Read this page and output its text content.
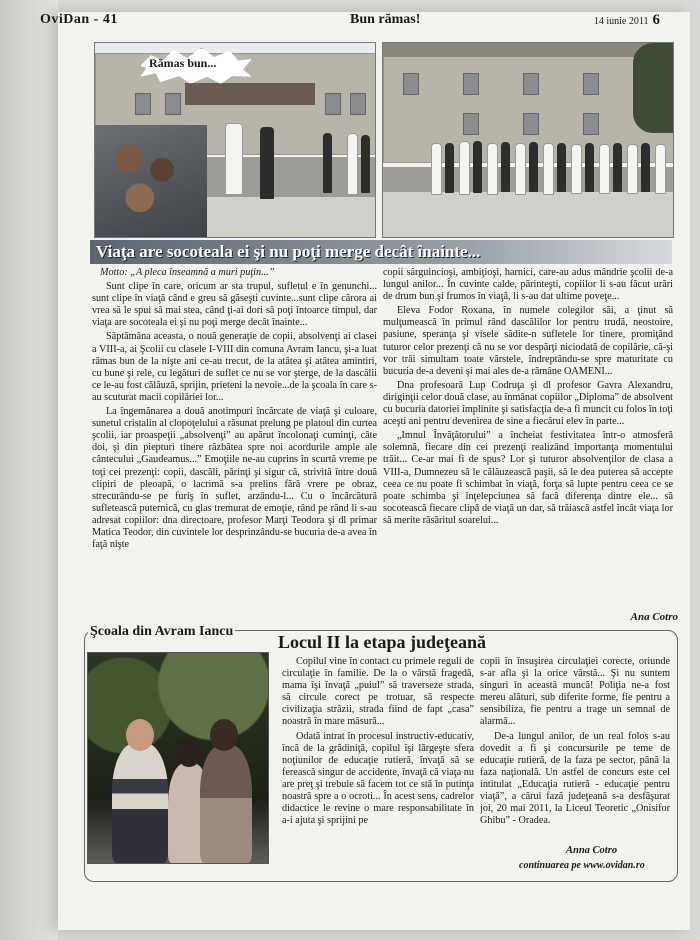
OviDan - 41	Bun rămas!	14 iunie 2011 6
Rămas bun...
Viaţa are socoteala ei şi nu poţi merge decât înainte...

Motto: „A pleca înseamnă a muri puţin...”

Sunt clipe în care, oricum ar sta trupul, sufletul e în genunchi... sunt clipe în viaţă când e greu să găseşti cuvinte...sunt clipe cărora ai vrea să le spui să mai stea, când ţi-ai dori să poţi întoarce timpul, dar viaţa are socoteala ei şi nu poţi merge decât înainte...

Săptămâna aceasta, o nouă generaţie de copii, absolvenţi ai clasei a VIII-a, ai Şcolii cu clasele I-VIII din comuna Avram Iancu, şi-a luat rămas bun de la nişte ani ce-au trecut, de la atâtea şi atâtea amintiri, cu bune şi rele, cu legături de suflet ce nu se vor şterge, de la dascălii ce le-au fost călăuză, sprijin, prieteni la nevoie...de la şcoala în care s-au scuturat macii copilăriei lor...

La îngemănarea a două anotimpuri încărcate de viaţă şi culoare, sunetul cristalin al clopoţelului a răsunat prelung pe platoul din curtea şcolii, iar proaspeţii „absolvenţi” au apărut încolonaţi cuminţi, câte doi, şi din piepturi tinere răzbătea spre noi acordurile ample ale cântecului „Gaudeamus...” Emoţiile ne-au cuprins în scurtă vreme pe toţi cei prezenţi: copii, dascăli, părinţi şi sigur că, strivită între două clipiri de pleoapă, o lacrimă s-a prelins fără vrere pe obraz, strecurându-se pe furiş în suflet, arzându-l... Cu o încărcătură sufletească puternică, cu glas tremurat de emoţie, rând pe rând li s-au adresat copiilor: dna directoare, profesor Marţi Teodora şi dl primar Matica Teodor, din cuvintele lor desprinzându-se bucuria de-a avea în faţă nişte

copii sârguincioşi, ambiţioşi, harnici, care-au adus mândrie şcolii de-a lungul anilor... În cuvinte calde, părinteşti, copiilor li s-au făcut urări de drum bun şi frumos în viaţă, li s-au dat ultime poveţe...

Eleva Fodor Roxana, în numele colegilor săi, a ţinut să mulţumească în primul rând dascălilor lor pentru trudă, neostoire, pasiune, speranţa şi visele sădite-n sufletele lor tinere, promiţând tuturor celor prezenţi că nu se vor despărţi niciodată de copilărie, că-şi vor trăi simultam toate vârstele, îndreptându-se spre maturitate cu bucuria de-a deveni şi mai ales de-a rămâne OAMENI...

Dna profesoară Lup Codruţa şi dl profesor Gavra Alexandru, diriginţii celor două clase, au înmânat copiilor „Diploma” de absolvent cu bucuria datoriei împlinite şi satisfacţia de-a fi muncit cu folos în toţi aceşti ani pentru devenirea de sine a fiecărui elev în parte...

„Imnul Învăţătorului” a încheiat festivitatea într-o atmosferă solemnă, fiecare din cei prezenţi realizând importanţa momentului trăit... Ce-ar mai fi de spus? Lor şi tuturor absolvenţilor de clasa a VIII-a, Dumnezeu să le călăuzească paşii, să le dea puterea să accepte ceea ce nu poate fi schimbat în viaţă, forţa să lupte pentru ceea ce se poate schimba şi înţelepciunea să facă diferenţa dintre ele... să socotească fiecare clipă de viaţă un dar, să trăiască astfel încât viaţa lor să merite răsăritul soarelui...

Ana Cotro
Şcoala din Avram Iancu
Locul II la etapa judeţeană

Copilul vine în contact cu primele reguli de circulaţie în familie. De la o vârstă fragedă, mama îşi învaţă „puiul” să traverseze strada, să circule corect pe trotuar, să respecte civilizaţia străzii, strada fiind de fapt „casa” noastră în mare măsură...

Odată intrat în procesul instructiv-educativ, încă de la grădiniţă, copilul îşi lărgeşte sfera noţiunilor de educaţie rutieră, învaţă să se ferească singur de accidente, învaţă că viaţa nu are preţ şi trebuie să facem tot ce stă în putinţa noastră spre a o ocroti... În acest sens, cadrelor didactice le revine o mare responsabilitate în a-i ajuta şi sprijini pe

copii în însuşirea circulaţiei corecte, oriunde s-ar afla şi la orice vârstă... Şi nu suntem singuri în această muncă! Poliţia ne-a fost mereu alături, sub diferite forme, fie pentru a sensibiliza, fie pentru a trage un semnal de alarmă...

De-a lungul anilor, de un real folos s-au dovedit a fi şi concursurile pe teme de educaţie rutieră, de la faza pe sector, până la faza naţională. Un astfel de concurs este cel intitulat „Educaţia rutieră - educaţie pentru viaţă”, a cărui fază judeţeană s-a desfăşurat joi, 20 mai 2011, la Liceul Teoretic „Onisifor Ghibu” - Oradea.

Anna Cotro
continuarea pe www.ovidan.ro
